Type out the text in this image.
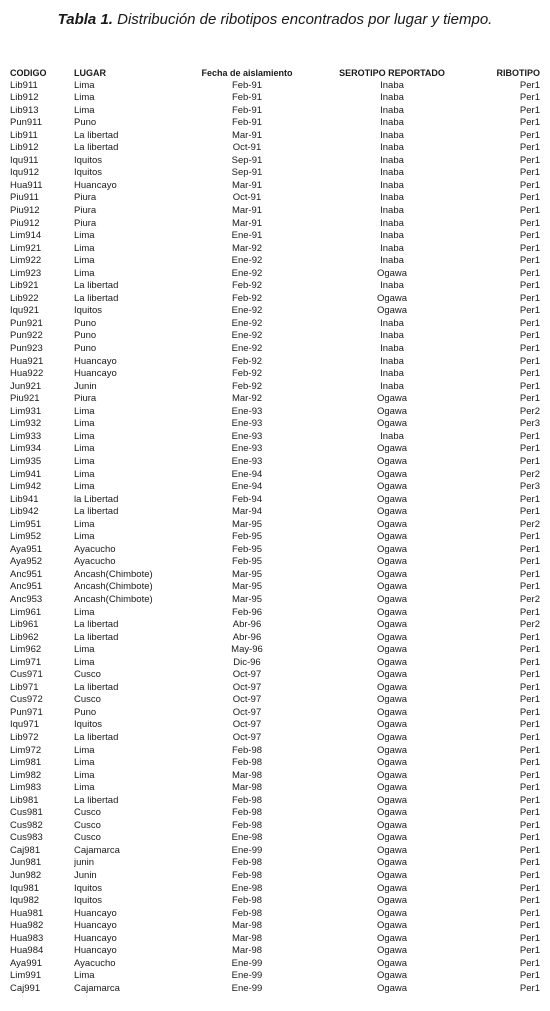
Tabla 1. Distribución de ribotipos encontrados por lugar y tiempo.
CODIGO	LUGAR	Fecha de aislamiento	SEROTIPO REPORTADO	RIBOTIPO
Lib911	Lima	Feb-91	Inaba	Per1
Lib912	Lima	Feb-91	Inaba	Per1
Lib913	Lima	Feb-91	Inaba	Per1
Pun911	Puno	Feb-91	Inaba	Per1
Lib911	La libertad	Mar-91	Inaba	Per1
Lib912	La libertad	Oct-91	Inaba	Per1
Iqu911	Iquitos	Sep-91	Inaba	Per1
Iqu912	Iquitos	Sep-91	Inaba	Per1
Hua911	Huancayo	Mar-91	Inaba	Per1
Piu911	Piura	Oct-91	Inaba	Per1
Piu912	Piura	Mar-91	Inaba	Per1
Piu912	Piura	Mar-91	Inaba	Per1
Lim914	Lima	Ene-91	Inaba	Per1
Lim921	Lima	Mar-92	Inaba	Per1
Lim922	Lima	Ene-92	Inaba	Per1
Lim923	Lima	Ene-92	Ogawa	Per1
Lib921	La libertad	Feb-92	Inaba	Per1
Lib922	La libertad	Feb-92	Ogawa	Per1
Iqu921	Iquitos	Ene-92	Ogawa	Per1
Pun921	Puno	Ene-92	Inaba	Per1
Pun922	Puno	Ene-92	Inaba	Per1
Pun923	Puno	Ene-92	Inaba	Per1
Hua921	Huancayo	Feb-92	Inaba	Per1
Hua922	Huancayo	Feb-92	Inaba	Per1
Jun921	Junin	Feb-92	Inaba	Per1
Piu921	Piura	Mar-92	Ogawa	Per1
Lim931	Lima	Ene-93	Ogawa	Per2
Lim932	Lima	Ene-93	Ogawa	Per3
Lim933	Lima	Ene-93	Inaba	Per1
Lim934	Lima	Ene-93	Ogawa	Per1
Lim935	Lima	Ene-93	Ogawa	Per1
Lim941	Lima	Ene-94	Ogawa	Per2
Lim942	Lima	Ene-94	Ogawa	Per3
Lib941	la Libertad	Feb-94	Ogawa	Per1
Lib942	La libertad	Mar-94	Ogawa	Per1
Lim951	Lima	Mar-95	Ogawa	Per2
Lim952	Lima	Feb-95	Ogawa	Per1
Aya951	Ayacucho	Feb-95	Ogawa	Per1
Aya952	Ayacucho	Feb-95	Ogawa	Per1
Anc951	Ancash(Chimbote)	Mar-95	Ogawa	Per1
Anc951	Ancash(Chimbote)	Mar-95	Ogawa	Per1
Anc953	Ancash(Chimbote)	Mar-95	Ogawa	Per2
Lim961	Lima	Feb-96	Ogawa	Per1
Lib961	La libertad	Abr-96	Ogawa	Per2
Lib962	La libertad	Abr-96	Ogawa	Per1
Lim962	Lima	May-96	Ogawa	Per1
Lim971	Lima	Dic-96	Ogawa	Per1
Cus971	Cusco	Oct-97	Ogawa	Per1
Lib971	La libertad	Oct-97	Ogawa	Per1
Cus972	Cusco	Oct-97	Ogawa	Per1
Pun971	Puno	Oct-97	Ogawa	Per1
Iqu971	Iquitos	Oct-97	Ogawa	Per1
Lib972	La libertad	Oct-97	Ogawa	Per1
Lim972	Lima	Feb-98	Ogawa	Per1
Lim981	Lima	Feb-98	Ogawa	Per1
Lim982	Lima	Mar-98	Ogawa	Per1
Lim983	Lima	Mar-98	Ogawa	Per1
Lib981	La libertad	Feb-98	Ogawa	Per1
Cus981	Cusco	Feb-98	Ogawa	Per1
Cus982	Cusco	Feb-98	Ogawa	Per1
Cus983	Cusco	Ene-98	Ogawa	Per1
Caj981	Cajamarca	Ene-99	Ogawa	Per1
Jun981	junin	Feb-98	Ogawa	Per1
Jun982	Junin	Feb-98	Ogawa	Per1
Iqu981	Iquitos	Ene-98	Ogawa	Per1
Iqu982	Iquitos	Feb-98	Ogawa	Per1
Hua981	Huancayo	Feb-98	Ogawa	Per1
Hua982	Huancayo	Mar-98	Ogawa	Per1
Hua983	Huancayo	Mar-98	Ogawa	Per1
Hua984	Huancayo	Mar-98	Ogawa	Per1
Aya991	Ayacucho	Ene-99	Ogawa	Per1
Lim991	Lima	Ene-99	Ogawa	Per1
Caj991	Cajamarca	Ene-99	Ogawa	Per1
